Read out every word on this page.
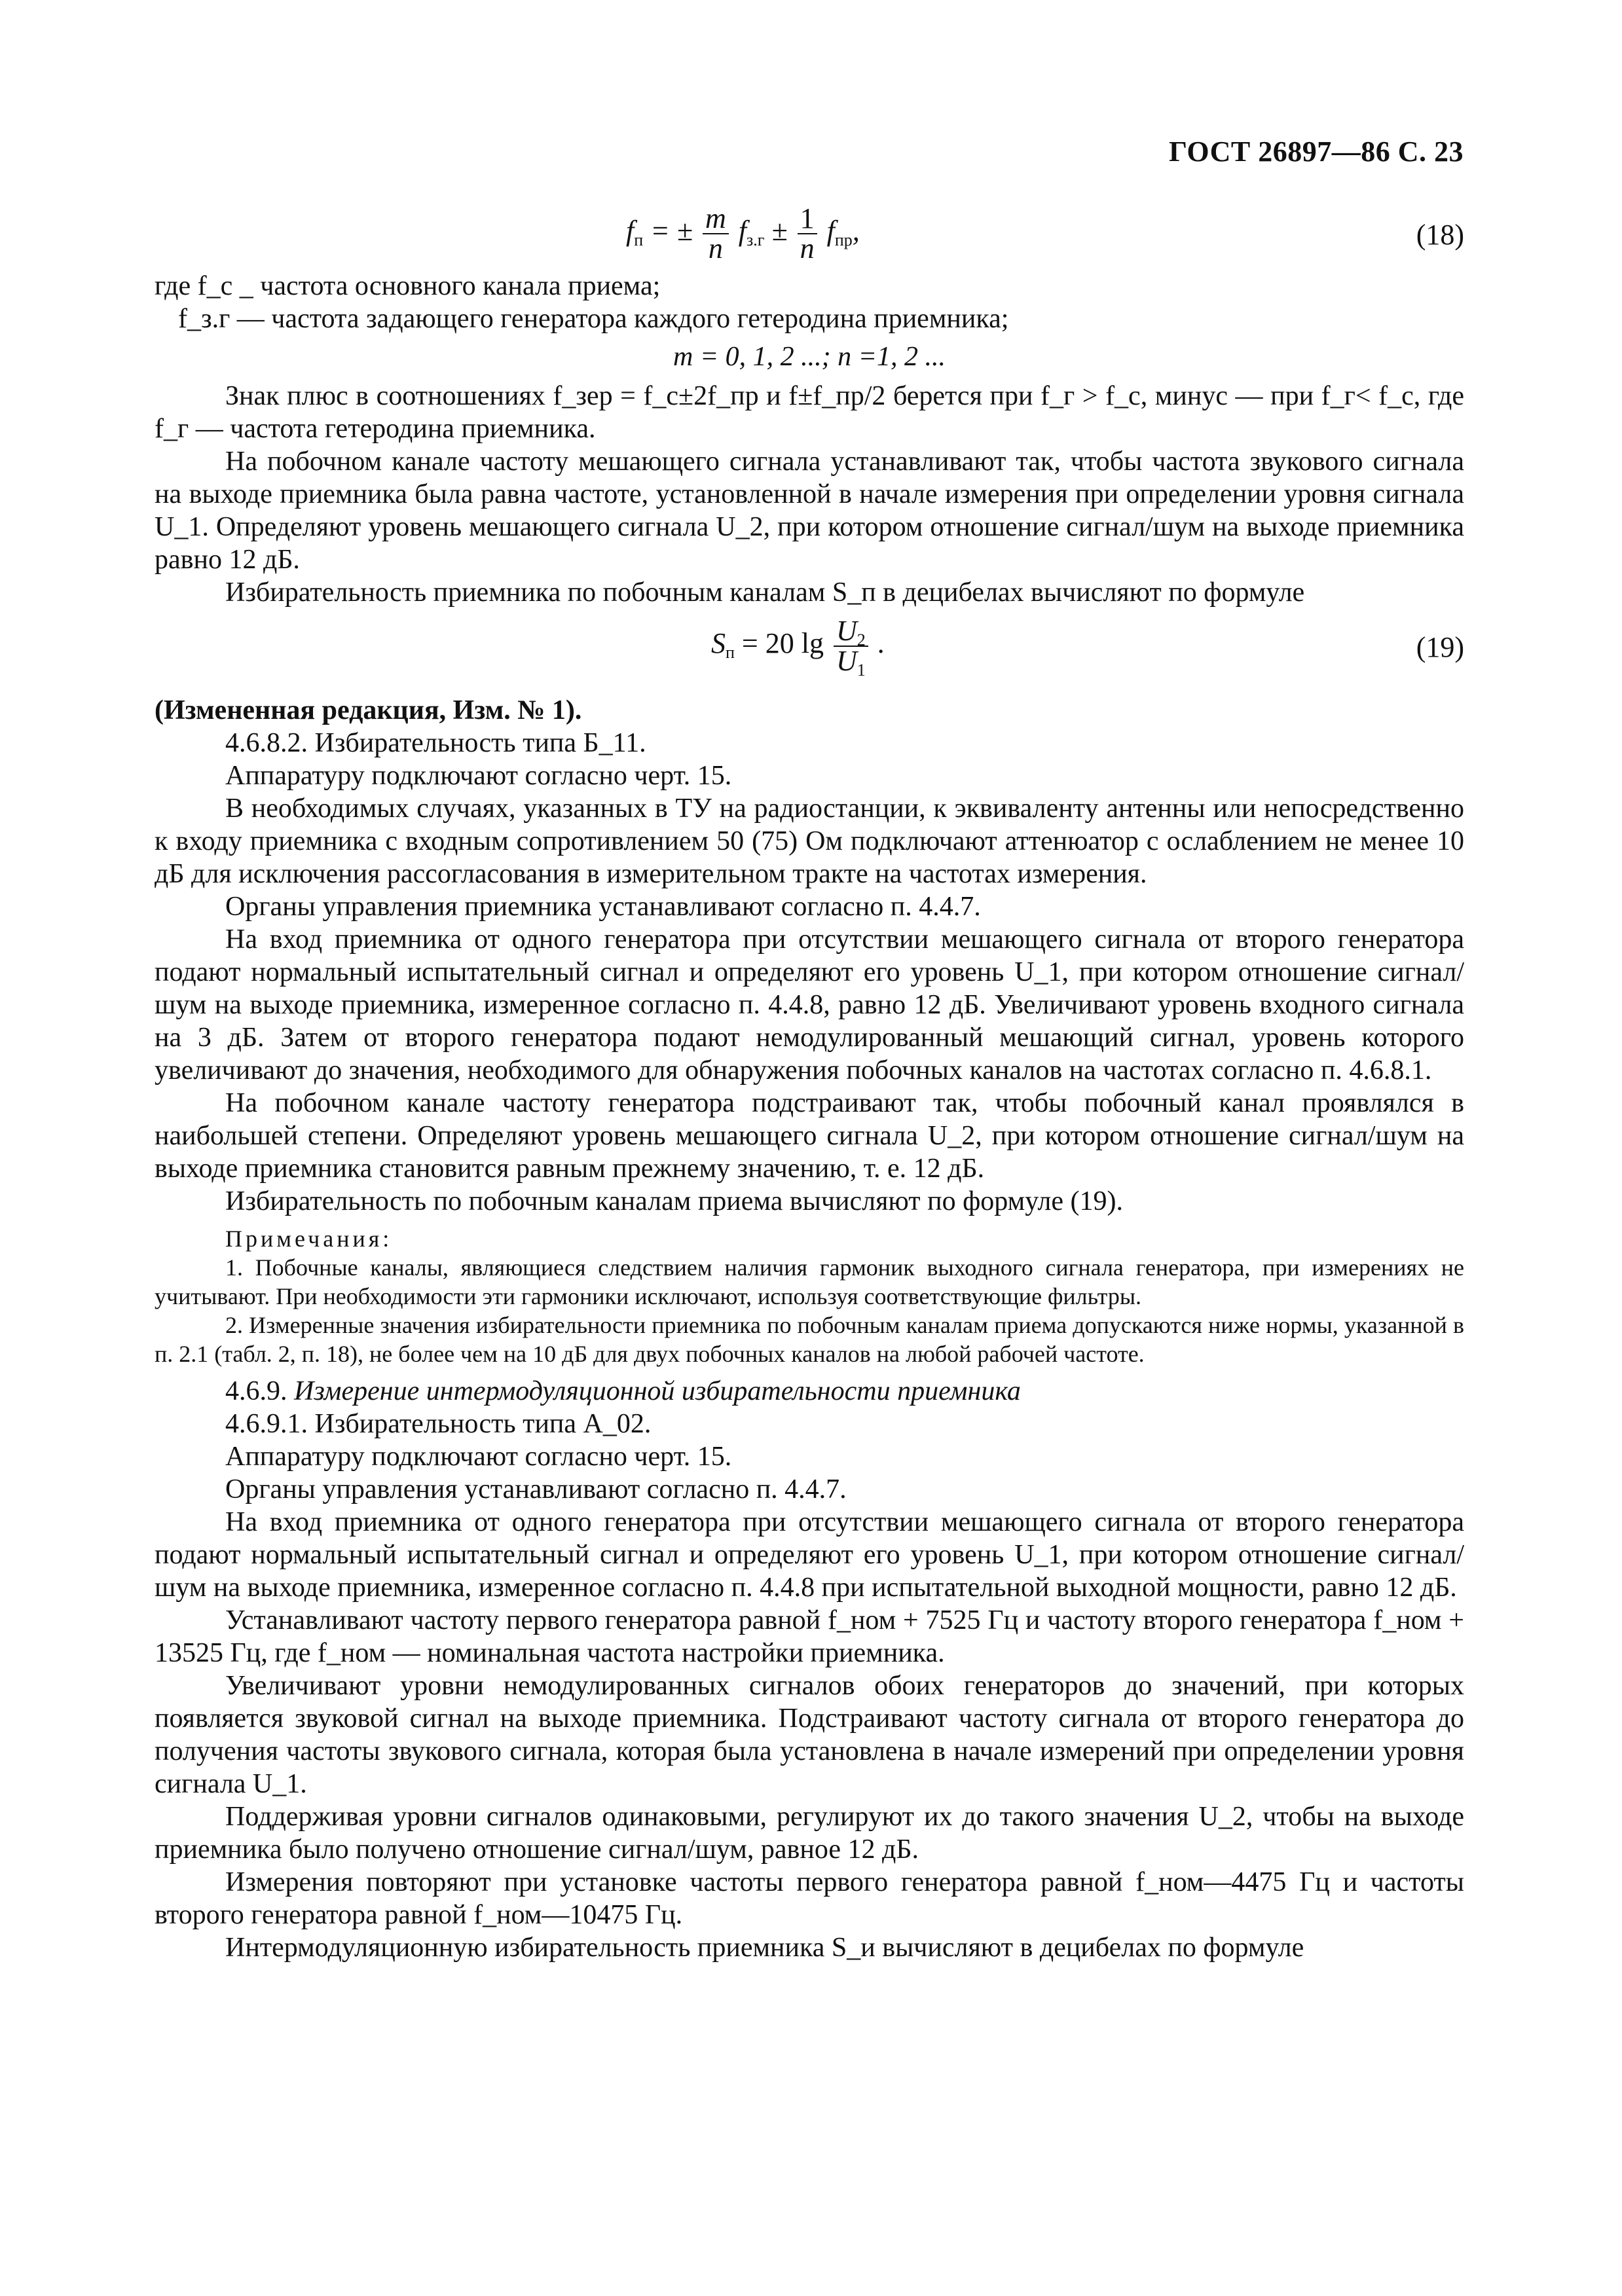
ГОСТ 26897—86 С. 23
$f_п$ = ± $\frac{m}{n} f_{з.г} \pm \frac{1}{n} f_{пр}$,	(18)

где f_c _ частота основного канала приема;

f_з.г — частота задающего генератора каждого гетеродина приемника;

m = 0, 1, 2 ...; n =1, 2 ...

Знак плюс в соотношениях f_зер = f_c±2f_пр и f±f_пр/2 берется при f_г > f_c, минус — при f_г< f_c, где f_г — частота гетеродина приемника.

На побочном канале частоту мешающего сигнала устанавливают так, чтобы частота звукового сигнала на выходе приемника была равна частоте, установленной в начале измерения при определении уровня сигнала U_1. Определяют уровень мешающего сигнала U_2, при котором отношение сигнал/шум на выходе приемника равно 12 дБ.

Избирательность приемника по побочным каналам S_п в децибелах вычисляют по формуле

$S_п = 20$ $\lg \frac{U_2}{U_1}$ .	(19)

(Измененная редакция, Изм. № 1).

4.6.8.2. Избирательность типа Б_11.

Аппаратуру подключают согласно черт. 15.

В необходимых случаях, указанных в ТУ на радиостанции, к эквиваленту антенны или непосредственно к входу приемника с входным сопротивлением 50 (75) Ом подключают аттенюатор с ослаблением не менее 10 дБ для исключения рассогласования в измерительном тракте на частотах измерения.

Органы управления приемника устанавливают согласно п. 4.4.7.

На вход приемника от одного генератора при отсутствии мешающего сигнала от второго генератора подают нормальный испытательный сигнал и определяют его уровень U_1, при котором отношение сигнал/шум на выходе приемника, измеренное согласно п. 4.4.8, равно 12 дБ. Увеличивают уровень входного сигнала на 3 дБ. Затем от второго генератора подают немодулированный мешающий сигнал, уровень которого увеличивают до значения, необходимого для обнаружения побочных каналов на частотах согласно п. 4.6.8.1.

На побочном канале частоту генератора подстраивают так, чтобы побочный канал проявлялся в наибольшей степени. Определяют уровень мешающего сигнала U_2, при котором отношение сигнал/шум на выходе приемника становится равным прежнему значению, т. е. 12 дБ.

Избирательность по побочным каналам приема вычисляют по формуле (19).

Примечания:

1. Побочные каналы, являющиеся следствием наличия гармоник выходного сигнала генератора, при измерениях не учитывают. При необходимости эти гармоники исключают, используя соответствующие фильтры.

2. Измеренные значения избирательности приемника по побочным каналам приема допускаются ниже нормы, указанной в п. 2.1 (табл. 2, п. 18), не более чем на 10 дБ для двух побочных каналов на любой рабочей частоте.

4.6.9. Измерение интермодуляционной избирательности приемника

4.6.9.1. Избирательность типа A_02.

Аппаратуру подключают согласно черт. 15.

Органы управления устанавливают согласно п. 4.4.7.

На вход приемника от одного генератора при отсутствии мешающего сигнала от второго генератора подают нормальный испытательный сигнал и определяют его уровень U_1, при котором отношение сигнал/шум на выходе приемника, измеренное согласно п. 4.4.8 при испытательной выходной мощности, равно 12 дБ.

Устанавливают частоту первого генератора равной f_ном + 7525 Гц и частоту второго генератора f_ном + 13525 Гц, где f_ном — номинальная частота настройки приемника.

Увеличивают уровни немодулированных сигналов обоих генераторов до значений, при которых появляется звуковой сигнал на выходе приемника. Подстраивают частоту сигнала от второго генератора до получения частоты звукового сигнала, которая была установлена в начале измерений при определении уровня сигнала U_1.

Поддерживая уровни сигналов одинаковыми, регулируют их до такого значения U_2, чтобы на выходе приемника было получено отношение сигнал/шум, равное 12 дБ.

Измерения повторяют при установке частоты первого генератора равной f_ном—4475 Гц и частоты второго генератора равной f_ном—10475 Гц.

Интермодуляционную избирательность приемника S_и вычисляют в децибелах по формуле
